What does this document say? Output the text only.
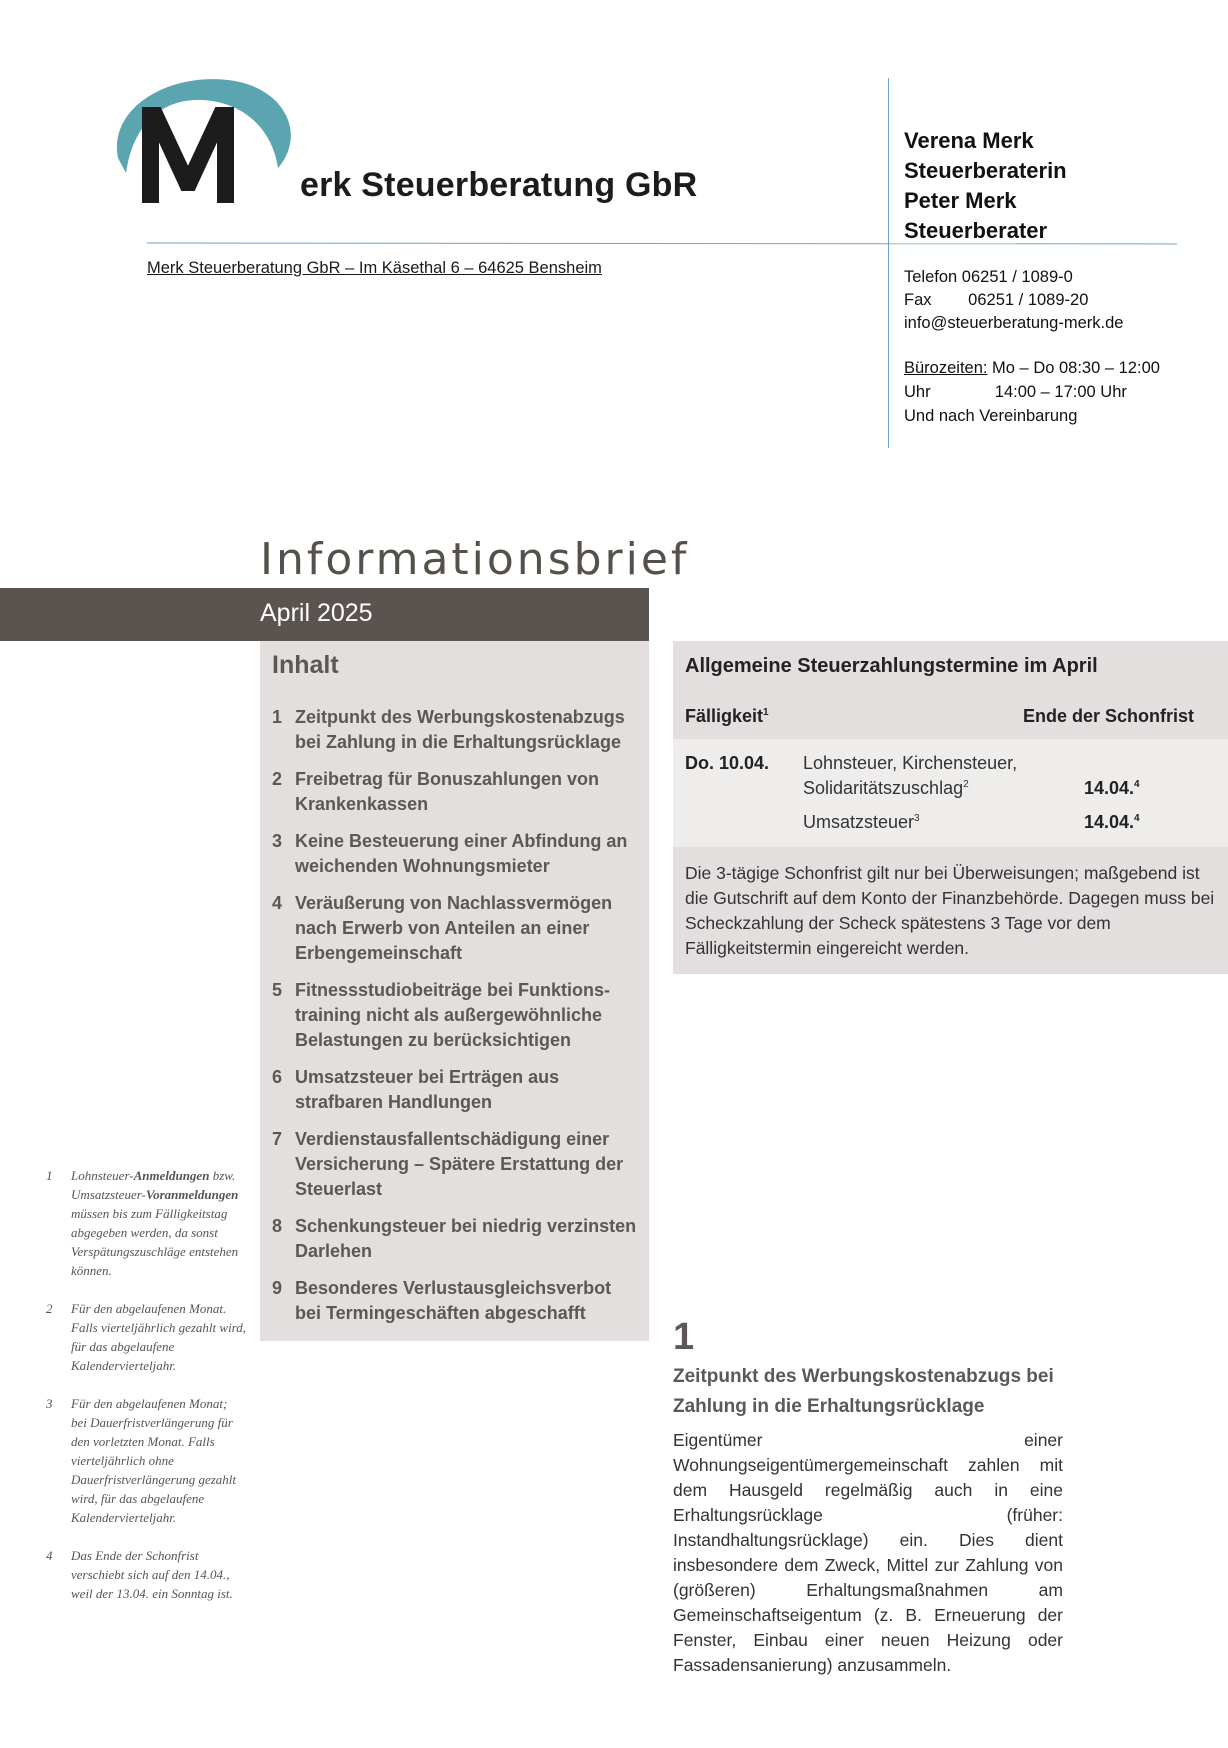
erk Steuerberatung GbR
Merk Steuerberatung GbR – Im Käsethal 6 – 64625 Bensheim
Verena Merk
Steuerberaterin
Peter Merk
Steuerberater
Telefon 06251 / 1089-0
Fax        06251 / 1089-20
info@steuerberatung-merk.de
Bürozeiten: Mo – Do 08:30 – 12:00
Uhr              14:00 – 17:00 Uhr
Und nach Vereinbarung
Informationsbrief
April 2025
Inhalt
1 Zeitpunkt des Werbungskostenabzugs bei Zahlung in die Erhaltungsrücklage
2 Freibetrag für Bonuszahlungen von Krankenkassen
3 Keine Besteuerung einer Abfindung an weichenden Wohnungsmieter
4 Veräußerung von Nachlassvermögen nach Erwerb von Anteilen an einer Erbengemeinschaft
5 Fitnessstudiobeiträge bei Funktions-training nicht als außergewöhnliche Belastungen zu berücksichtigen
6 Umsatzsteuer bei Erträgen aus strafbaren Handlungen
7 Verdienstausfallentschädigung einer Versicherung – Spätere Erstattung der Steuerlast
8 Schenkungsteuer bei niedrig verzinsten Darlehen
9 Besonderes Verlustausgleichsverbot bei Termingeschäften abgeschafft
Allgemeine Steuerzahlungstermine im April
Fälligkeit$^1$	Ende der Schonfrist
Do. 10.04. Lohnsteuer, Kirchensteuer,
Solidaritätszuschlag$^2$	14.04.$^4$
Umsatzsteuer$^3$	14.04.$^4$
Die 3-tägige Schonfrist gilt nur bei Überweisungen; maßgebend ist die Gutschrift auf dem Konto der Finanzbehörde. Dagegen muss bei Scheckzahlung der Scheck spätestens 3 Tage vor dem Fälligkeitstermin eingereicht werden.
1 Lohnsteuer-Anmeldungen bzw. Umsatzsteuer-Voranmeldungen müssen bis zum Fälligkeitstag abgegeben werden, da sonst Verspätungszuschläge entstehen können.
2 Für den abgelaufenen Monat. Falls vierteljährlich gezahlt wird, für das abgelaufene Kalendervierteljahr.
3 Für den abgelaufenen Monat; bei Dauerfristverlängerung für den vorletzten Monat. Falls vierteljährlich ohne Dauerfristverlängerung gezahlt wird, für das abgelaufene Kalendervierteljahr.
4 Das Ende der Schonfrist verschiebt sich auf den 14.04., weil der 13.04. ein Sonntag ist.
1
Zeitpunkt des Werbungskostenabzugs bei Zahlung in die Erhaltungsrücklage
Eigentümer einer Wohnungseigentümergemeinschaft zahlen mit dem Hausgeld regelmäßig auch in eine Erhaltungsrücklage (früher: Instandhaltungsrücklage) ein. Dies dient insbesondere dem Zweck, Mittel zur Zahlung von (größeren) Erhaltungsmaßnahmen am Gemeinschaftseigentum (z. B. Erneuerung der Fenster, Einbau einer neuen Heizung oder Fassadensanierung) anzusammeln.
